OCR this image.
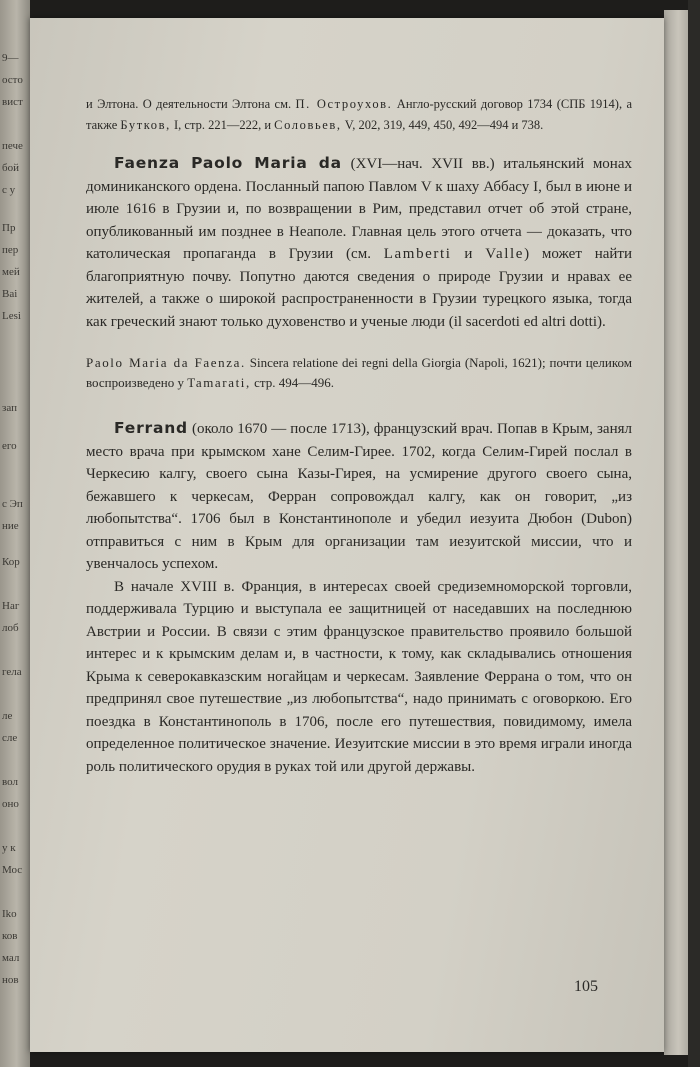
9—
осто
вист
пече
бой
с у
Пр
пер
мей
Bai
Lesi
зап
его
с Эп
ние
Кор
Наг
лоб
гела
ле
сле
вол
оно
у к
Мос
Iko
ков
мал
нов

и Элтона. О деятельности Элтона см. П. Остроухов. Англо-русский договор 1734 (СПБ 1914), а также Бутков, I, стр. 221—222, и Соловьев, V, 202, 319, 449, 450, 492—494 и 738.

Faenza Paolo Maria da (XVI—нач. XVII вв.) итальянский монах доминиканского ордена. Посланный папою Павлом V к шаху Аббасу I, был в июне и июле 1616 в Грузии и, по возвращении в Рим, представил отчет об этой стране, опубликованный им позднее в Неаполе. Главная цель этого отчета — доказать, что католическая пропаганда в Грузии (см. Lamberti и Valle) может найти благоприятную почву. Попутно даются сведения о природе Грузии и нравах ее жителей, а также о широкой распространенности в Грузии турецкого языка, тогда как греческий знают только духовенство и ученые люди (il sacerdoti ed altri dotti).

Paolo Maria da Faenza. Sincera relatione dei regni della Giorgia (Napoli, 1621); почти целиком воспроизведено у Tamarati, стр. 494—496.

Ferrand (около 1670 — после 1713), французский врач. Попав в Крым, занял место врача при крымском хане Селим-Гирее. 1702, когда Селим-Гирей послал в Черкесию калгу, своего сына Казы-Гирея, на усмирение другого своего сына, бежавшего к черкесам, Ферран сопровождал калгу, как он говорит, „из любопытства“. 1706 был в Константинополе и убедил иезуита Дюбон (Dubon) отправиться с ним в Крым для организации там иезуитской миссии, что и увенчалось успехом.

В начале XVIII в. Франция, в интересах своей средиземноморской торговли, поддерживала Турцию и выступала ее защитницей от наседавших на последнюю Австрии и России. В связи с этим французское правительство проявило большой интерес и к крымским делам и, в частности, к тому, как складывались отношения Крыма к северокавказским ногайцам и черкесам. Заявление Феррана о том, что он предпринял свое путешествие „из любопытства“, надо принимать с оговоркою. Его поездка в Константинополь в 1706, после его путешествия, повидимому, имела определенное политическое значение. Иезуитские миссии в это время играли иногда роль политического орудия в руках той или другой державы.

105
